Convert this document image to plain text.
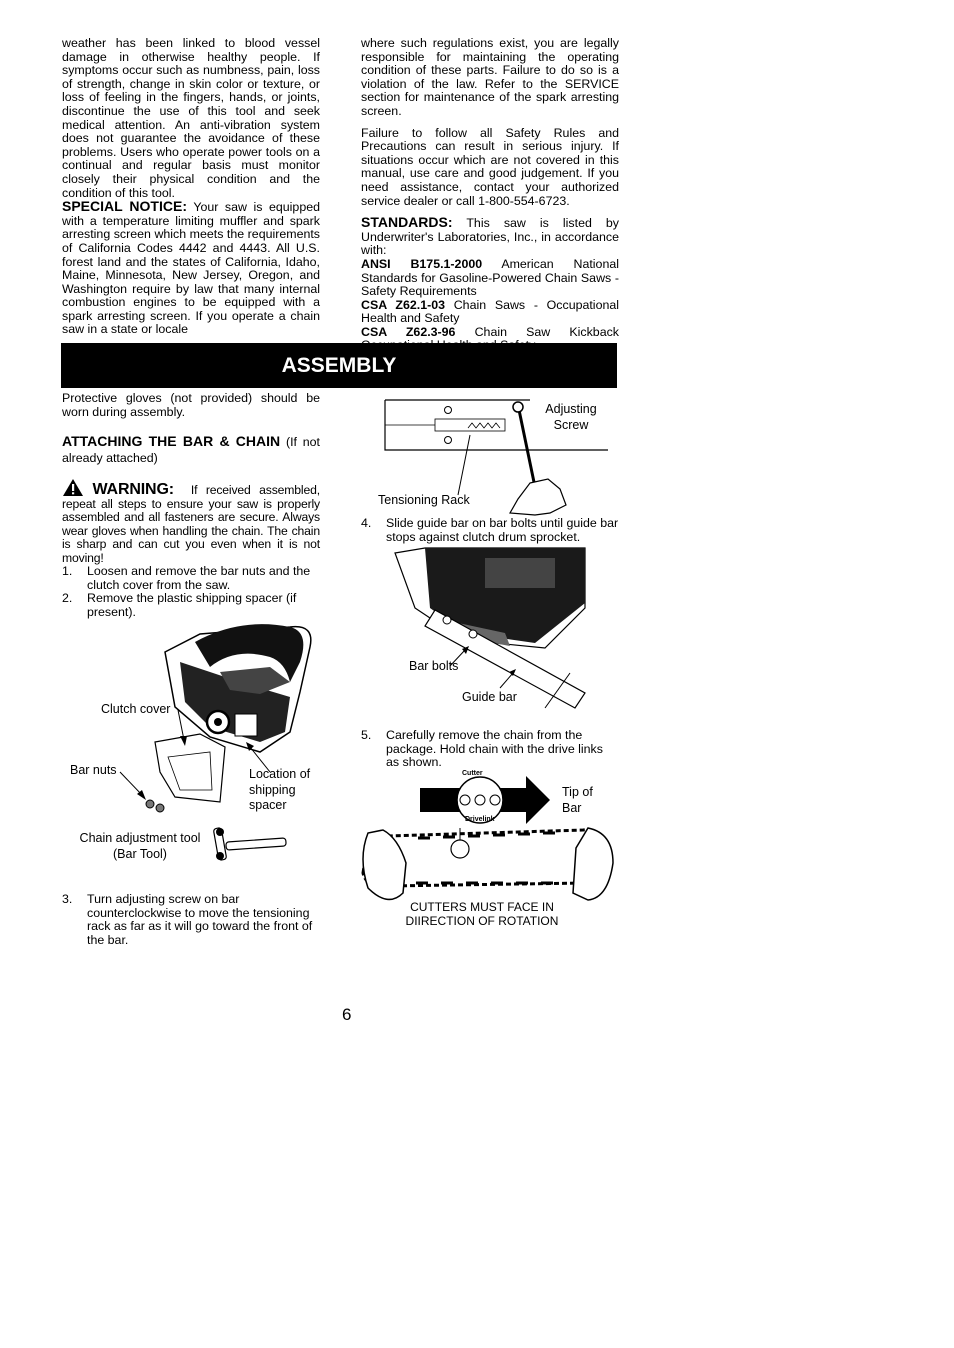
weather has been linked to blood vessel damage in otherwise healthy people. If symptoms occur such as numbness, pain, loss of strength, change in skin color or texture, or loss of feeling in the fingers, hands, or joints, discontinue the use of this tool and seek medical attention. An anti-vibration system does not guarantee the avoidance of these problems. Users who operate power tools on a continual and regular basis must monitor closely their physical condition and the condition of this tool.

SPECIAL NOTICE: Your saw is equipped with a temperature limiting muffler and spark arresting screen which meets the requirements of California Codes 4442 and 4443. All U.S. forest land and the states of California, Idaho, Maine, Minnesota, New Jersey, Oregon, and Washington require by law that many internal combustion engines to be equipped with a spark arresting screen. If you operate a chain saw in a state or locale

where such regulations exist, you are legally responsible for maintaining the operating condition of these parts. Failure to do so is a violation of the law. Refer to the SERVICE section for maintenance of the spark arresting screen.

Failure to follow all Safety Rules and Precautions can result in serious injury. If situations occur which are not covered in this manual, use care and good judgement. If you need assistance, contact your authorized service dealer or call 1-800-554-6723.

STANDARDS: This saw is listed by Underwriter's Laboratories, Inc., in accordance with:

ANSI B175.1-2000 American National Standards for Gasoline-Powered Chain Saws - Safety Requirements

CSA Z62.1-03 Chain Saws - Occupational Health and Safety

CSA Z62.3-96 Chain Saw Kickback

ASSEMBLY

Protective gloves (not provided) should be worn during assembly.

ATTACHING THE BAR & CHAIN (If not already attached)

WARNING: If received assembled, repeat all steps to ensure your saw is properly assembled and all fasteners are secure. Always wear gloves when handling the chain. The chain is sharp and can cut you even when it is not moving!

1. Loosen and remove the bar nuts and the clutch cover from the saw.
2. Remove the plastic shipping spacer (if present).
Clutch cover
Bar nuts	Location of shipping spacer
Chain adjustment tool
(Bar Tool)
3. Turn adjusting screw on bar counterclockwise to move the tensioning rack as far as it will go toward the front of the bar.
Adjusting Screw
Tensioning Rack
4. Slide guide bar on bar bolts until guide bar stops against clutch drum sprocket.
Bar bolts
Guide bar
5. Carefully remove the chain from the package. Hold chain with the drive links as shown.
Cutter
Drivelink
Tip of Bar
CUTTERS MUST FACE IN
DIIRECTION OF ROTATION
6
